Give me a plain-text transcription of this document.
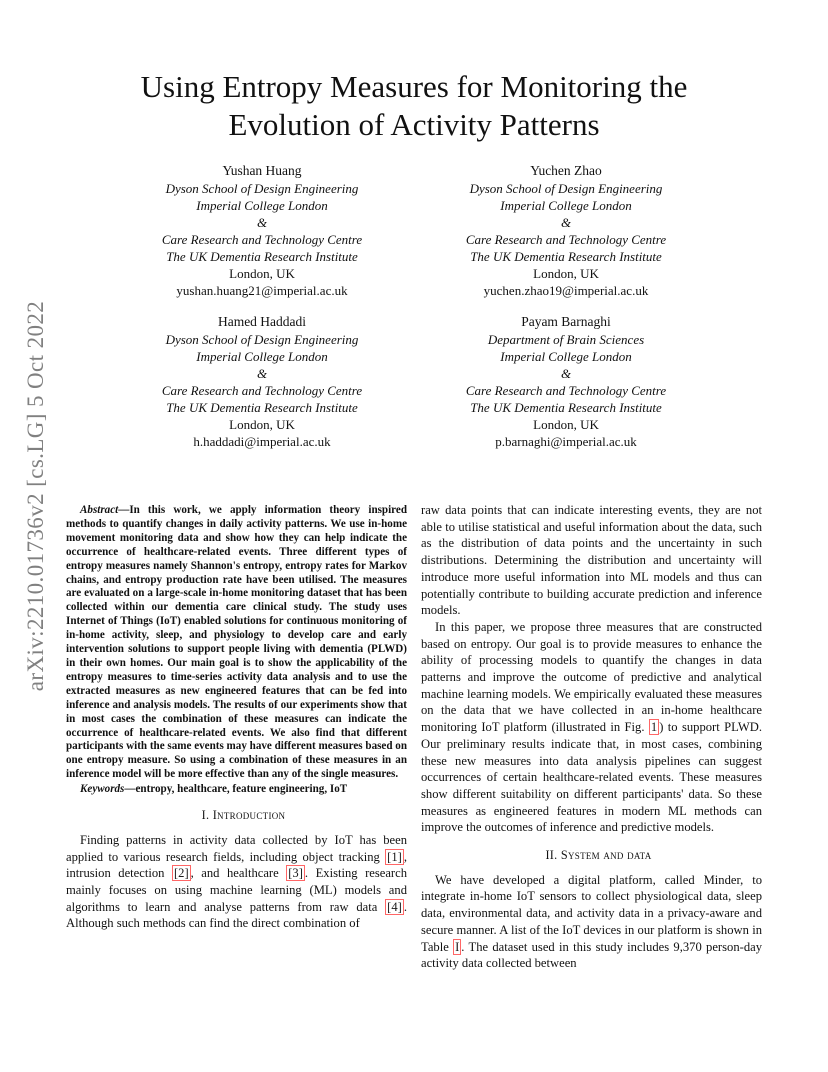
arXiv:2210.01736v2 [cs.LG] 5 Oct 2022
Using Entropy Measures for Monitoring the
Evolution of Activity Patterns
Yushan Huang
Dyson School of Design Engineering
Imperial College London
&
Care Research and Technology Centre
The UK Dementia Research Institute
London, UK
yushan.huang21@imperial.ac.uk
Yuchen Zhao
Dyson School of Design Engineering
Imperial College London
&
Care Research and Technology Centre
The UK Dementia Research Institute
London, UK
yuchen.zhao19@imperial.ac.uk
Hamed Haddadi
Dyson School of Design Engineering
Imperial College London
&
Care Research and Technology Centre
The UK Dementia Research Institute
London, UK
h.haddadi@imperial.ac.uk
Payam Barnaghi
Department of Brain Sciences
Imperial College London
&
Care Research and Technology Centre
The UK Dementia Research Institute
London, UK
p.barnaghi@imperial.ac.uk

Abstract—In this work, we apply information theory inspired methods to quantify changes in daily activity patterns. We use in-home movement monitoring data and show how they can help indicate the occurrence of healthcare-related events. Three different types of entropy measures namely Shannon's entropy, entropy rates for Markov chains, and entropy production rate have been utilised. The measures are evaluated on a large-scale in-home monitoring dataset that has been collected within our dementia care clinical study. The study uses Internet of Things (IoT) enabled solutions for continuous monitoring of in-home activity, sleep, and physiology to develop care and early intervention solutions to support people living with dementia (PLWD) in their own homes. Our main goal is to show the applicability of the entropy measures to time-series activity data analysis and to use the extracted measures as new engineered features that can be fed into inference and analysis models. The results of our experiments show that in most cases the combination of these measures can indicate the occurrence of healthcare-related events. We also find that different participants with the same events may have different measures based on one entropy measure. So using a combination of these measures in an inference model will be more effective than any of the single measures.

Keywords—entropy, healthcare, feature engineering, IoT

I. Introduction

Finding patterns in activity data collected by IoT has been applied to various research fields, including object tracking [1] , intrusion detection [2] , and healthcare [3] . Existing research mainly focuses on using machine learning (ML) models and algorithms to learn and analyse patterns from raw data [4] . Although such methods can find the direct combination of

raw data points that can indicate interesting events, they are not able to utilise statistical and useful information about the data, such as the distribution of data points and the uncertainty in such distributions. Determining the distribution and uncertainty will introduce more useful information into ML models and thus can potentially contribute to building accurate prediction and inference models.

In this paper, we propose three measures that are constructed based on entropy. Our goal is to provide measures to enhance the ability of processing models to quantify the changes in data patterns and improve the outcome of predictive and analytical machine learning models. We empirically evaluated these measures on the data that we have collected in an in-home healthcare monitoring IoT platform (illustrated in Fig. 1 ) to support PLWD. Our preliminary results indicate that, in most cases, combining these new measures into data analysis pipelines can suggest occurrences of certain healthcare-related events. These measures show different suitability on different participants' data. So these measures as engineered features in modern ML methods can improve the outcomes of inference and predictive models.

II. System and data

We have developed a digital platform, called Minder, to integrate in-home IoT sensors to collect physiological data, sleep data, environmental data, and activity data in a privacy-aware and secure manner. A list of the IoT devices in our platform is shown in Table I . The dataset used in this study includes 9,370 person-day activity data collected between
